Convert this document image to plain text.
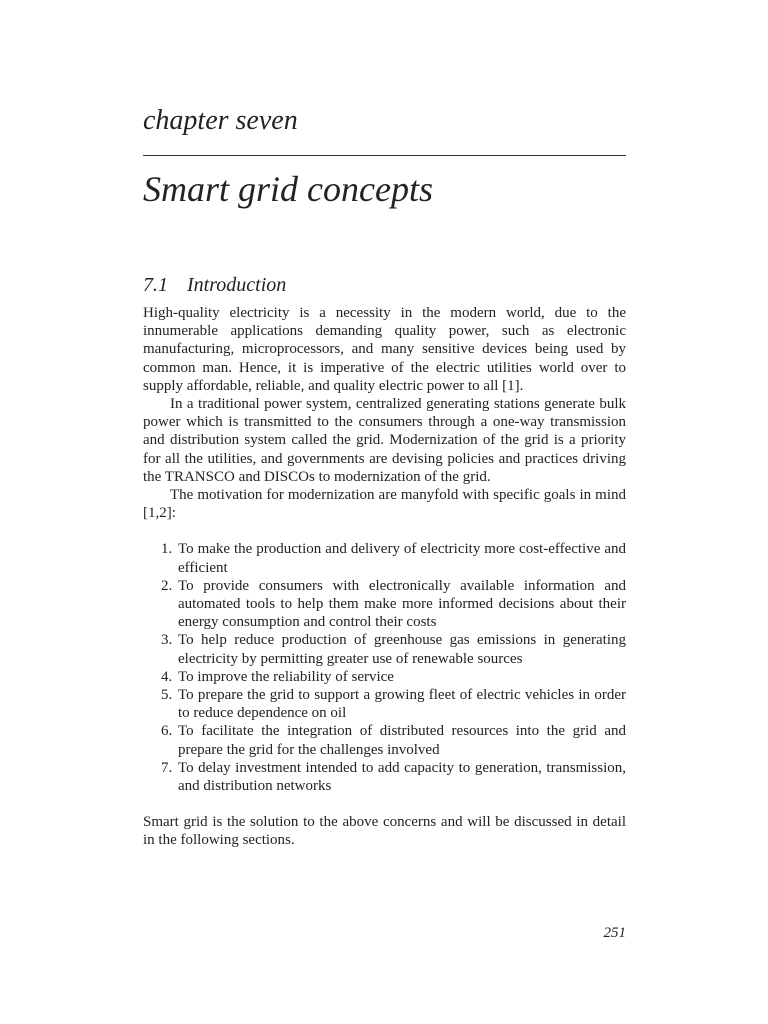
chapter seven
Smart grid concepts
7.1 Introduction

High-quality electricity is a necessity in the modern world, due to the innumerable applications demanding quality power, such as electronic manufacturing, microprocessors, and many sensitive devices being used by common man. Hence, it is imperative of the electric utilities world over to supply affordable, reliable, and quality electric power to all [1].

In a traditional power system, centralized generating stations generate bulk power which is transmitted to the consumers through a one-way transmission and distribution system called the grid. Modernization of the grid is a priority for all the utilities, and governments are devising policies and practices driving the TRANSCO and DISCOs to modernization of the grid.

The motivation for modernization are manyfold with specific goals in mind [1,2]:

1. To make the production and delivery of electricity more cost-effective and efficient
2. To provide consumers with electronically available information and automated tools to help them make more informed decisions about their energy consumption and control their costs
3. To help reduce production of greenhouse gas emissions in generating electricity by permitting greater use of renewable sources
4. To improve the reliability of service
5. To prepare the grid to support a growing fleet of electric vehicles in order to reduce dependence on oil
6. To facilitate the integration of distributed resources into the grid and prepare the grid for the challenges involved
7. To delay investment intended to add capacity to generation, transmission, and distribution networks

Smart grid is the solution to the above concerns and will be discussed in detail in the following sections.

251
